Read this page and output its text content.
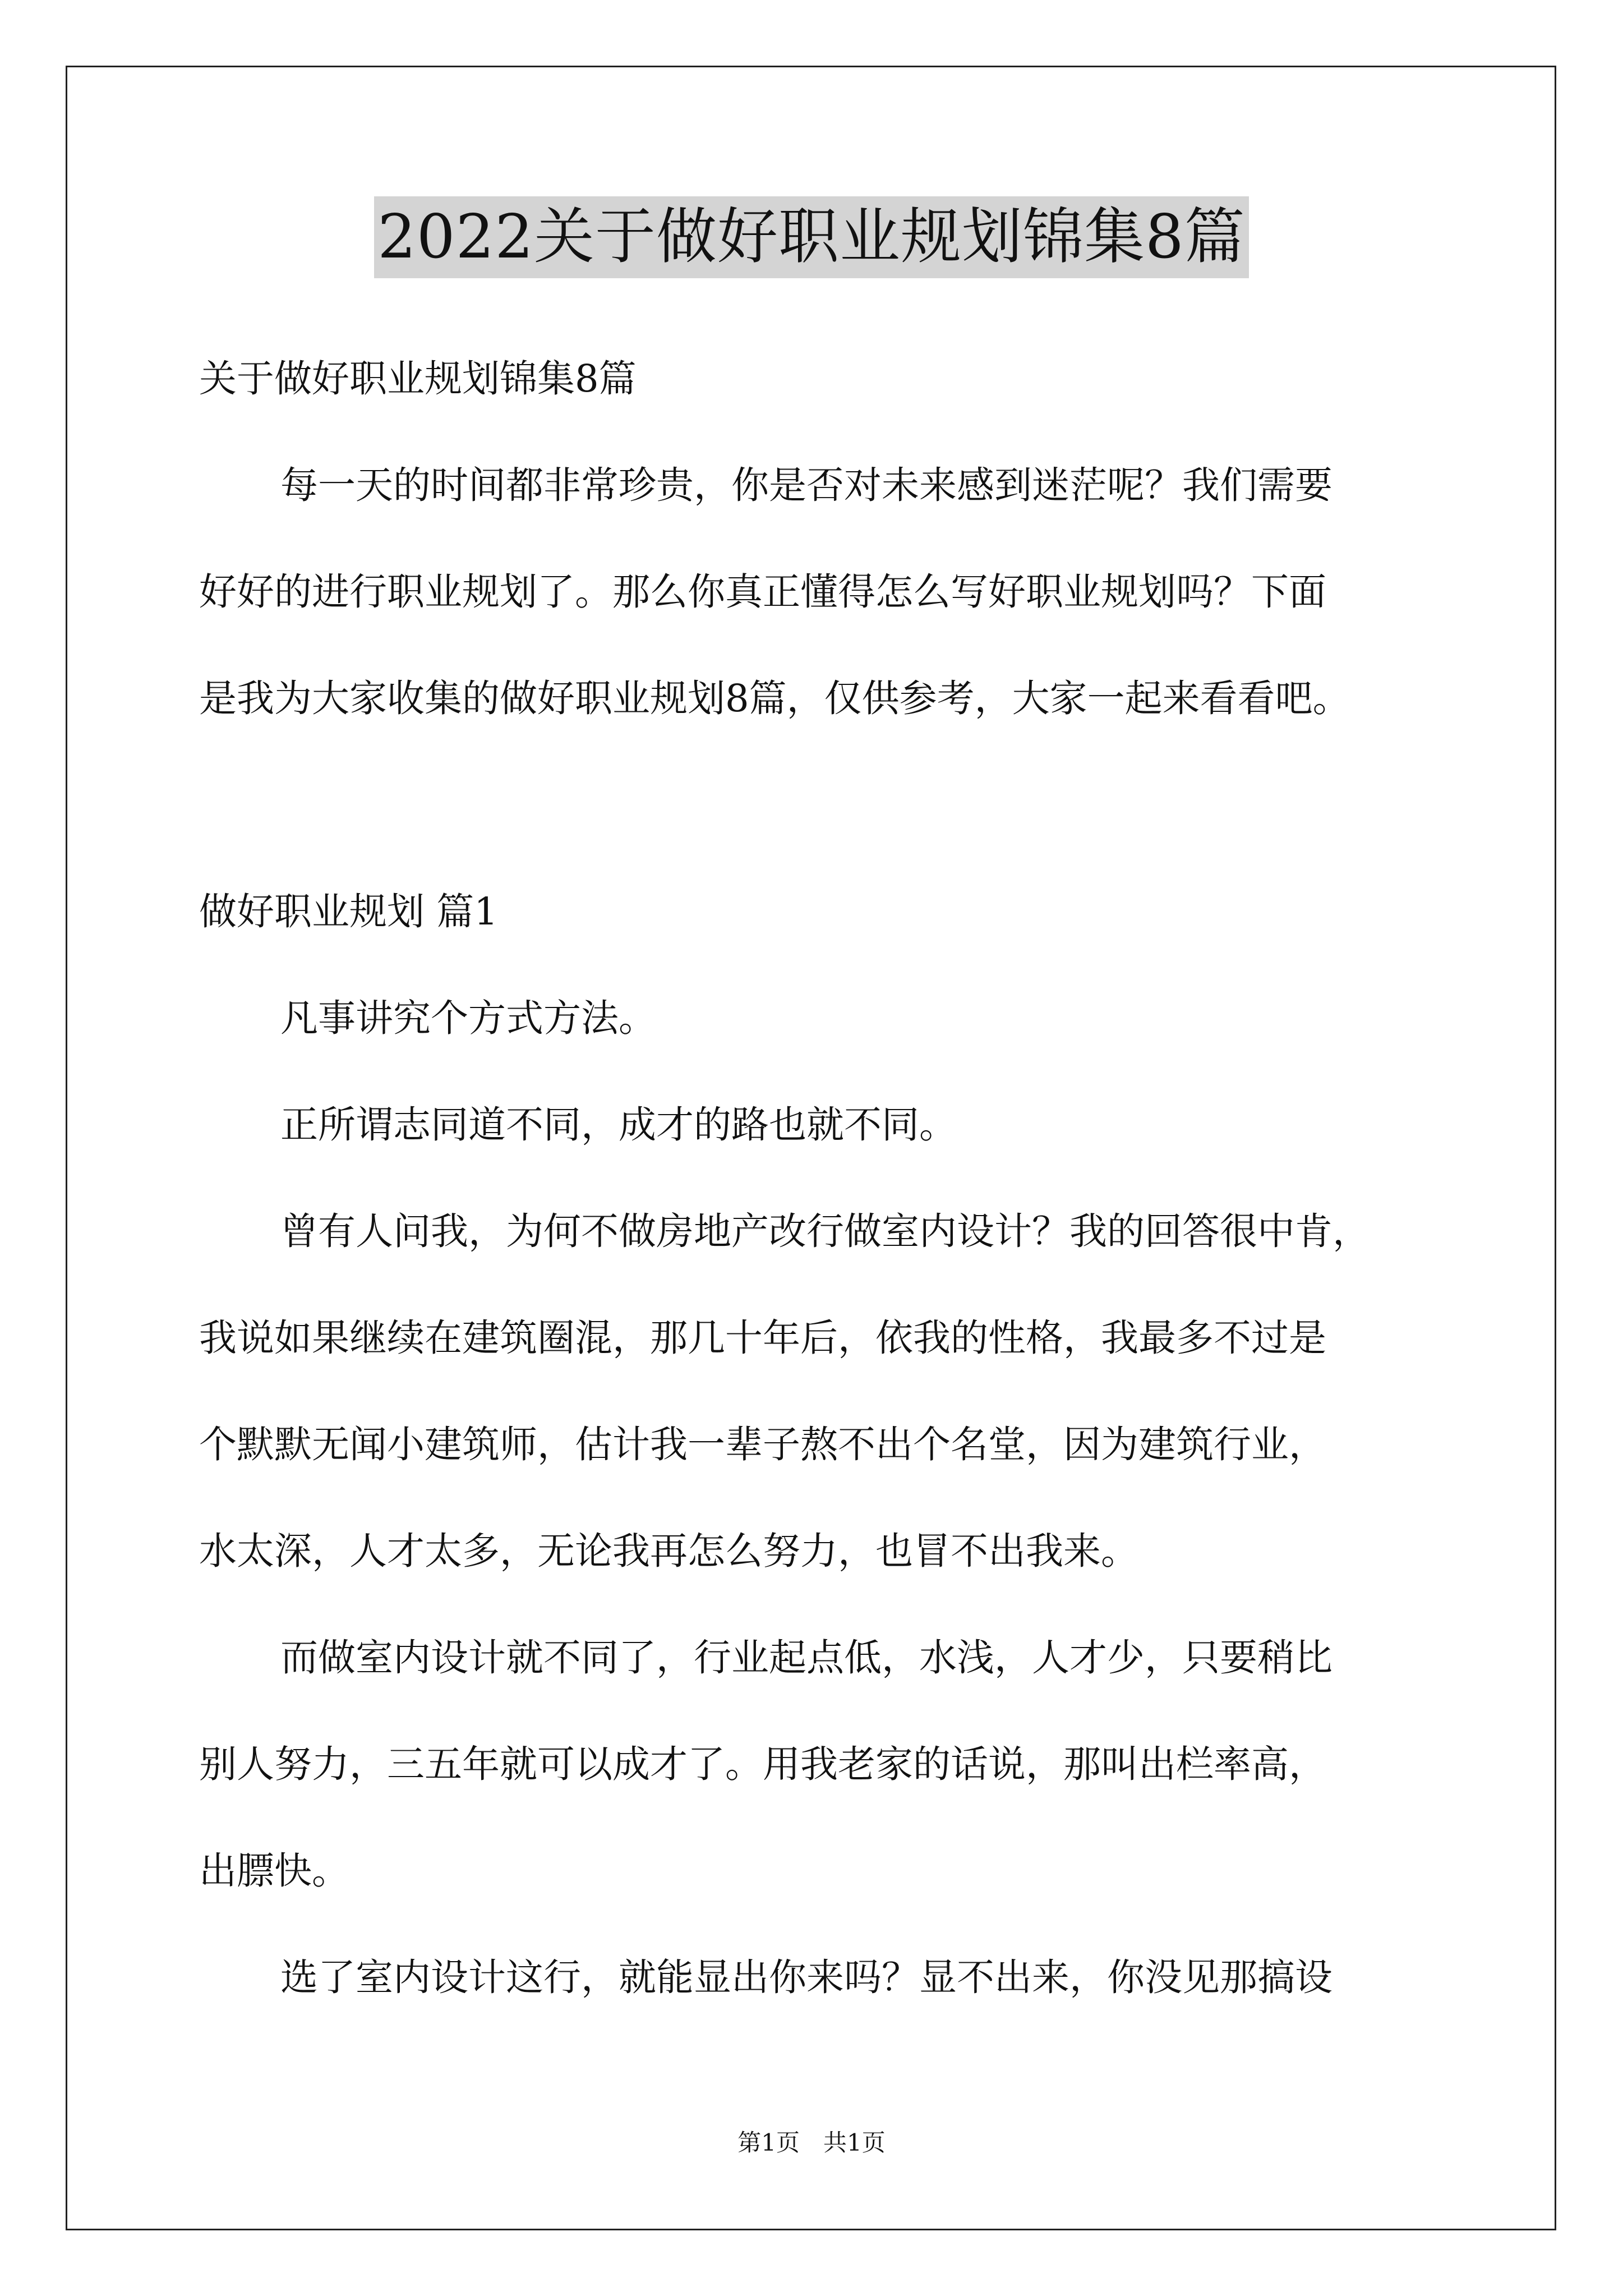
2022关于做好职业规划锦集8篇
关于做好职业规划锦集8篇
每一天的时间都非常珍贵，你是否对未来感到迷茫呢？我们需要
好好的进行职业规划了。那么你真正懂得怎么写好职业规划吗？下面
是我为大家收集的做好职业规划8篇，仅供参考，大家一起来看看吧。
做好职业规划 篇1
凡事讲究个方式方法。
正所谓志同道不同，成才的路也就不同。
曾有人问我，为何不做房地产改行做室内设计？我的回答很中肯，
我说如果继续在建筑圈混，那几十年后，依我的性格，我最多不过是
个默默无闻小建筑师，估计我一辈子熬不出个名堂，因为建筑行业，
水太深，人才太多，无论我再怎么努力，也冒不出我来。
而做室内设计就不同了，行业起点低，水浅，人才少，只要稍比
别人努力，三五年就可以成才了。用我老家的话说，那叫出栏率高，
出膘快。
选了室内设计这行，就能显出你来吗？显不出来，你没见那搞设
第1页　共1页
